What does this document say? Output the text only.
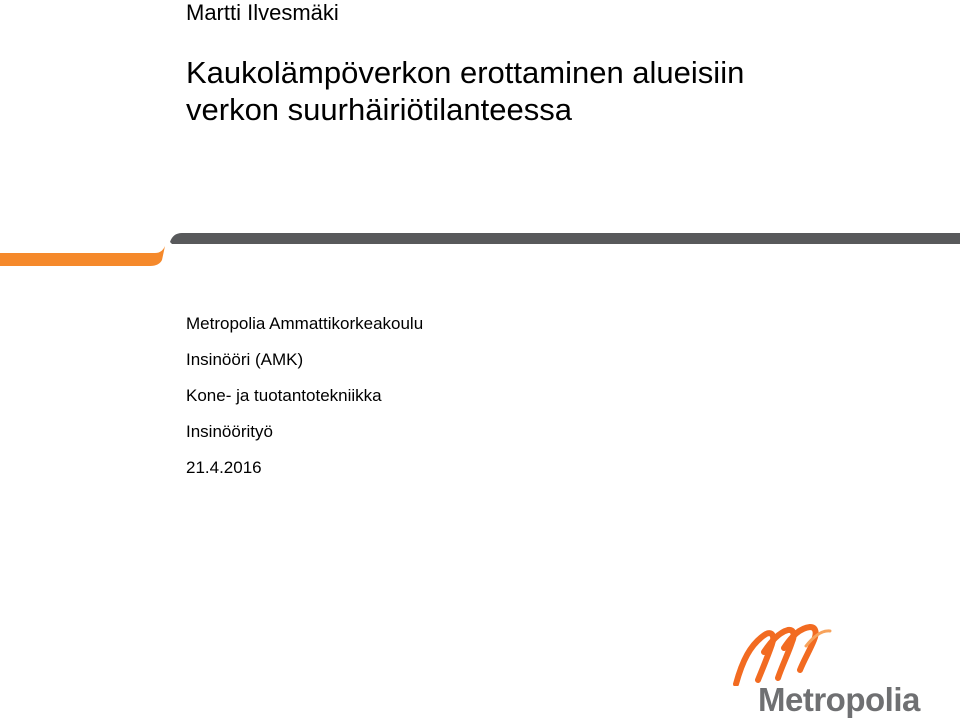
Martti Ilvesmäki
Kaukolämpöverkon erottaminen alueisiin
verkon suurhäiriötilanteessa
Metropolia Ammattikorkeakoulu
Insinööri (AMK)
Kone- ja tuotantotekniikka
Insinöörityö
21.4.2016
Metropolia
